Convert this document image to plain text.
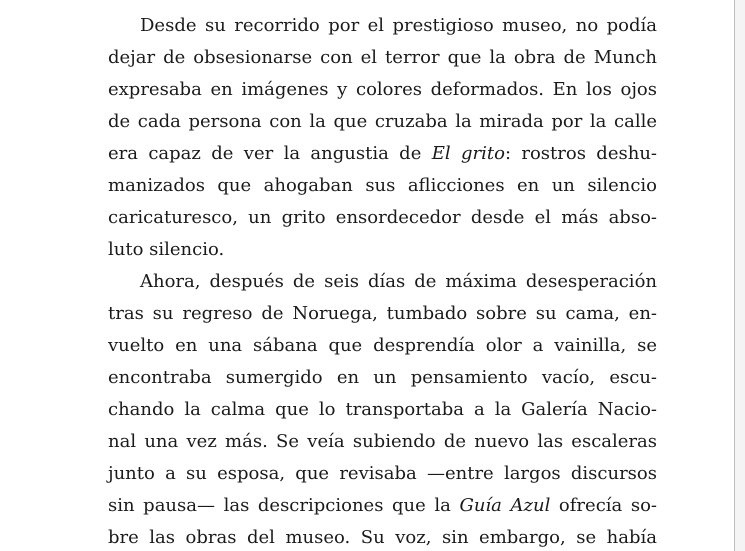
Desde su recorrido por el prestigioso museo, no podía

dejar de obsesionarse con el terror que la obra de Munch

expresaba en imágenes y colores deformados. En los ojos

de cada persona con la que cruzaba la mirada por la calle

era capaz de ver la angustia de El grito: rostros deshu-

manizados que ahogaban sus aflicciones en un silencio

caricaturesco, un grito ensordecedor desde el más abso-

luto silencio.

Ahora, después de seis días de máxima desesperación

tras su regreso de Noruega, tumbado sobre su cama, en-

vuelto en una sábana que desprendía olor a vainilla, se

encontraba sumergido en un pensamiento vacío, escu-

chando la calma que lo transportaba a la Galería Nacio-

nal una vez más. Se veía subiendo de nuevo las escaleras

junto a su esposa, que revisaba —entre largos discursos

sin pausa— las descripciones que la Guía Azul ofrecía so-

bre las obras del museo. Su voz, sin embargo, se había
